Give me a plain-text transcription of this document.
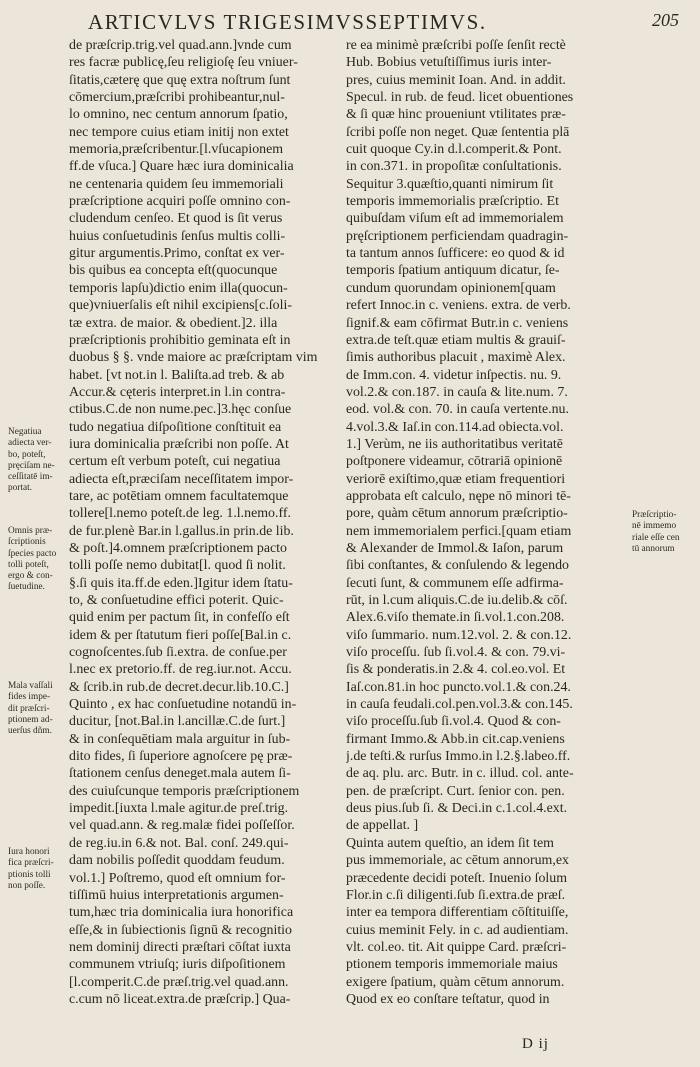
ARTICVLVS TRIGESIMVSSEPTIMVS.	205
de præſcrip.trig.vel quad.ann.]vnde cum
res facræ publicę,ſeu religioſę ſeu vniuer-
ſitatis,cæterę que quę extra noſtrum ſunt
cōmercium,præſcribi prohibeantur,nul-
lo omnino, nec centum annorum ſpatio,
nec tempore cuius etiam initij non extet
memoria,præſcribentur.[l.vſucapionem
ff.de vſuca.] Quare hæc iura dominicalia
ne centenaria quidem ſeu immemoriali
præſcriptione acquiri poſſe omnino con-
cludendum cenſeo. Et quod is ſit verus
huius conſuetudinis ſenſus multis colli-
gitur argumentis.Primo, conſtat ex ver-
bis quibus ea concepta eſt(quocunque
temporis lapſu)dictio enim illa(quocun-
que)vniuerſalis eſt nihil excipiens[c.ſoli-
tæ extra. de maior. & obedient.]2. illa
præſcriptionis prohibitio geminata eſt in
duobus § §. vnde maiore ac præſcriptam vim
habet. [vt not.in l. Baliſta.ad treb. & ab
Accur.& cęteris interpret.in l.in contra-
ctibus.C.de non nume.pec.]3.hęc conſue
tudo negatiua diſpoſitione conſtituit ea
iura dominicalia præſcribi non poſſe. At
certum eſt verbum poteſt, cui negatiua
adiecta eſt,præciſam neceſſitatem impor-
tare, ac potētiam omnem facultatemque
tollere[l.nemo poteſt.de leg. 1.l.nemo.ff.
de fur.plenè Bar.in l.gallus.in prin.de lib.
& poſt.]4.omnem præſcriptionem pacto
tolli poſſe nemo dubitat[l. quod ſi nolit.
§.ſi quis ita.ff.de eden.]Igitur idem ſtatu-
to, & conſuetudine effici poterit. Quic-
quid enim per pactum ſit, in confeſſo eſt
idem & per ſtatutum fieri poſſe[Bal.in c.
cognoſcentes.ſub ſi.extra. de conſue.per
l.nec ex pretorio.ff. de reg.iur.not. Accu.
& ſcrib.in rub.de decret.decur.lib.10.C.]
Quinto , ex hac conſuetudine notandū in-
ducitur, [not.Bal.in l.ancillæ.C.de ſurt.]
& in conſequētiam mala arguitur in ſub-
dito fides, ſi ſuperiore agnoſcere pę præ-
ſtationem cenſus deneget.mala autem ſi-
des cuiuſcunque temporis præſcriptionem
impedit.[iuxta l.male agitur.de preſ.trig.
vel quad.ann. & reg.malæ fidei poſſeſſor.
de reg.iu.in 6.& not. Bal. conſ. 249.qui-
dam nobilis poſſedit quoddam feudum.
vol.1.] Poſtremo, quod eſt omnium for-
tiſſimū huius interpretationis argumen-
tum,hæc tria dominicalia iura honorifica
eſſe,& in ſubiectionis ſignū & recognitio
nem dominij directi præſtari cōſtat iuxta
communem vtriuſq; iuris diſpoſitionem
[l.comperit.C.de præſ.trig.vel quad.ann.
c.cum nō liceat.extra.de præſcrip.] Qua-
re ea minimè præſcribi poſſe ſenſit rectè
Hub. Bobius vetuſtiſſimus iuris inter-
pres, cuius meminit Ioan. And. in addit.
Specul. in rub. de feud. licet obuentiones
& ſi quæ hinc proueniunt vtilitates præ-
ſcribi poſſe non neget. Quæ ſententia plā
cuit quoque Cy.in d.l.comperit.& Pont.
in con.371. in propoſitæ conſultationis.
Sequitur 3.quæſtio,quanti nimirum ſit
temporis immemorialis præſcriptio. Et
quibuſdam viſum eſt ad immemorialem
pręſcriptionem perficiendam quadragin-
ta tantum annos ſufficere: eo quod & id
temporis ſpatium antiquum dicatur, ſe-
cundum quorundam opinionem[quam
refert Innoc.in c. veniens. extra. de verb.
ſignif.& eam cōfirmat Butr.in c. veniens
extra.de teſt.quæ etiam multis & grauiſ-
ſimis authoribus placuit , maximè Alex.
de Imm.con. 4. videtur inſpectis. nu. 9.
vol.2.& con.187. in cauſa & lite.num. 7.
eod. vol.& con. 70. in cauſa vertente.nu.
4.vol.3.& Iaſ.in con.114.ad obiecta.vol.
1.] Verùm, ne iis authoritatibus veritatē
poſtponere videamur, cōtrariā opinionē
veriorē exiſtimo,quæ etiam frequentiori
approbata eſt calculo, nępe nō minori tē-
pore, quàm cētum annorum præſcriptio-
nem immemorialem perfici.[quam etiam
& Alexander de Immol.& Iaſon, parum
ſibi conſtantes, & conſulendo & legendo
ſecuti ſunt, & communem eſſe adfirma-
rūt, in l.cum aliquis.C.de iu.delib.& cōſ.
Alex.6.viſo themate.in ſi.vol.1.con.208.
viſo ſummario. num.12.vol. 2. & con.12.
viſo proceſſu. ſub ſi.vol.4. & con. 79.vi-
ſis & ponderatis.in 2.& 4. col.eo.vol. Et
Iaſ.con.81.in hoc puncto.vol.1.& con.24.
in cauſa feudali.col.pen.vol.3.& con.145.
viſo proceſſu.ſub ſi.vol.4. Quod & con-
firmant Immo.& Abb.in cit.cap.veniens
j.de teſti.& rurſus Immo.in l.2.§.labeo.ff.
de aq. plu. arc. Butr. in c. illud. col. ante-
pen. de præſcript. Curt. ſenior con. pen.
deus pius.ſub ſi. & Deci.in c.1.col.4.ext.
de appellat. ]
Quinta autem queſtio, an idem ſit tem
pus immemoriale, ac cētum annorum,ex
præcedente decidi poteſt. Inuenio ſolum
Flor.in c.ſi diligenti.ſub ſi.extra.de præſ.
inter ea tempora differentiam cōſtituiſſe,
cuius meminit Fely. in c. ad audientiam.
vlt. col.eo. tit. Ait quippe Card. præſcri-
ptionem temporis immemoriale maius
exigere ſpatium, quàm cētum annorum.
Quod ex eo conſtare teſtatur, quod in
Negatiua
adiecta ver-
bo, poteſt,
pręciſam ne-
ceſſitatē im-
portat.
Omnis præ-
ſcriptionis
ſpecies pacto
tolli poteſt,
ergo & con-
ſuetudine.
Mala vaſſali
fides impe-
dit præſcri-
ptionem ad-
uerſus dñm.
Iura honori
fica præſcri-
ptionis tolli
non poſſe.
Præſcriptio-
nē immemo
riale eſſe cen
tū annorum
D ij
